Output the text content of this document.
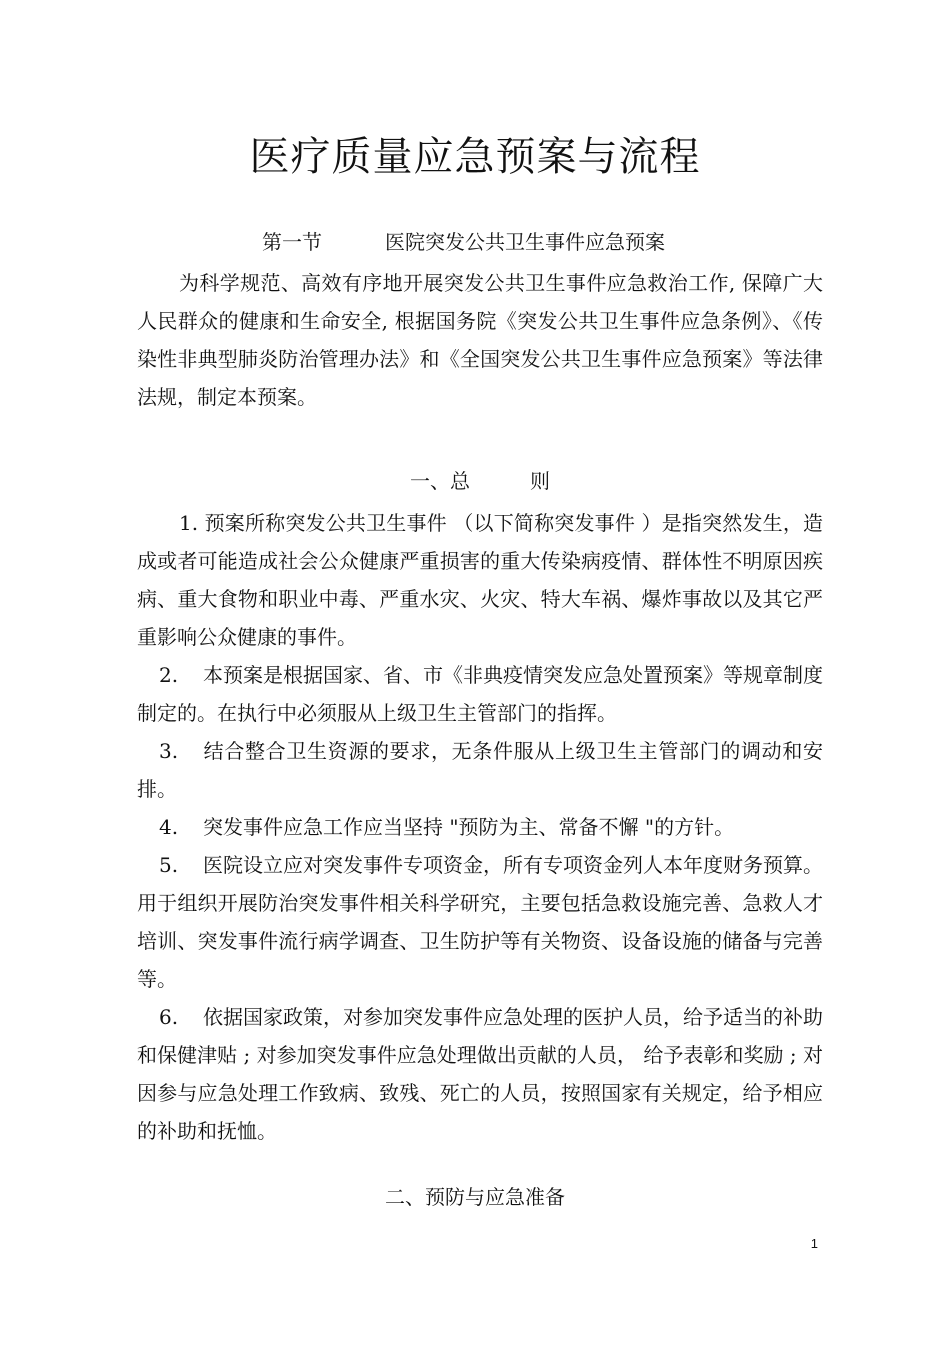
医疗质量应急预案与流程
第一节	医院突发公共卫生事件应急预案

为科学规范、高效有序地开展突发公共卫生事件应急救治工作, 保障广大人民群众的健康和生命安全, 根据国务院《突发公共卫生事件应急条例》、《传染性非典型肺炎防治管理办法》和《全国突发公共卫生事件应急预案》等法律法规，制定本预案。

一、总	则

1. 预案所称突发公共卫生事件 （以下简称突发事件 ）是指突然发生，造成或者可能造成社会公众健康严重损害的重大传染病疫情、群体性不明原因疾病、重大食物和职业中毒、严重水灾、火灾、特大车祸、爆炸事故以及其它严重影响公众健康的事件。

2. 本预案是根据国家、省、市《非典疫情突发应急处置预案》等规章制度制定的。在执行中必须服从上级卫生主管部门的指挥。

3. 结合整合卫生资源的要求，无条件服从上级卫生主管部门的调动和安排。

4. 突发事件应急工作应当坚持 "预防为主、常备不懈 "的方针。

5. 医院设立应对突发事件专项资金，所有专项资金列人本年度财务预算。用于组织开展防治突发事件相关科学研究，主要包括急救设施完善、急救人才培训、突发事件流行病学调查、卫生防护等有关物资、设备设施的储备与完善等。

6. 依据国家政策，对参加突发事件应急处理的医护人员，给予适当的补助和保健津贴 ; 对参加突发事件应急处理做出贡献的人员， 给予表彰和奖励 ; 对因参与应急处理工作致病、致残、死亡的人员，按照国家有关规定，给予相应的补助和抚恤。

二、预防与应急准备
1
